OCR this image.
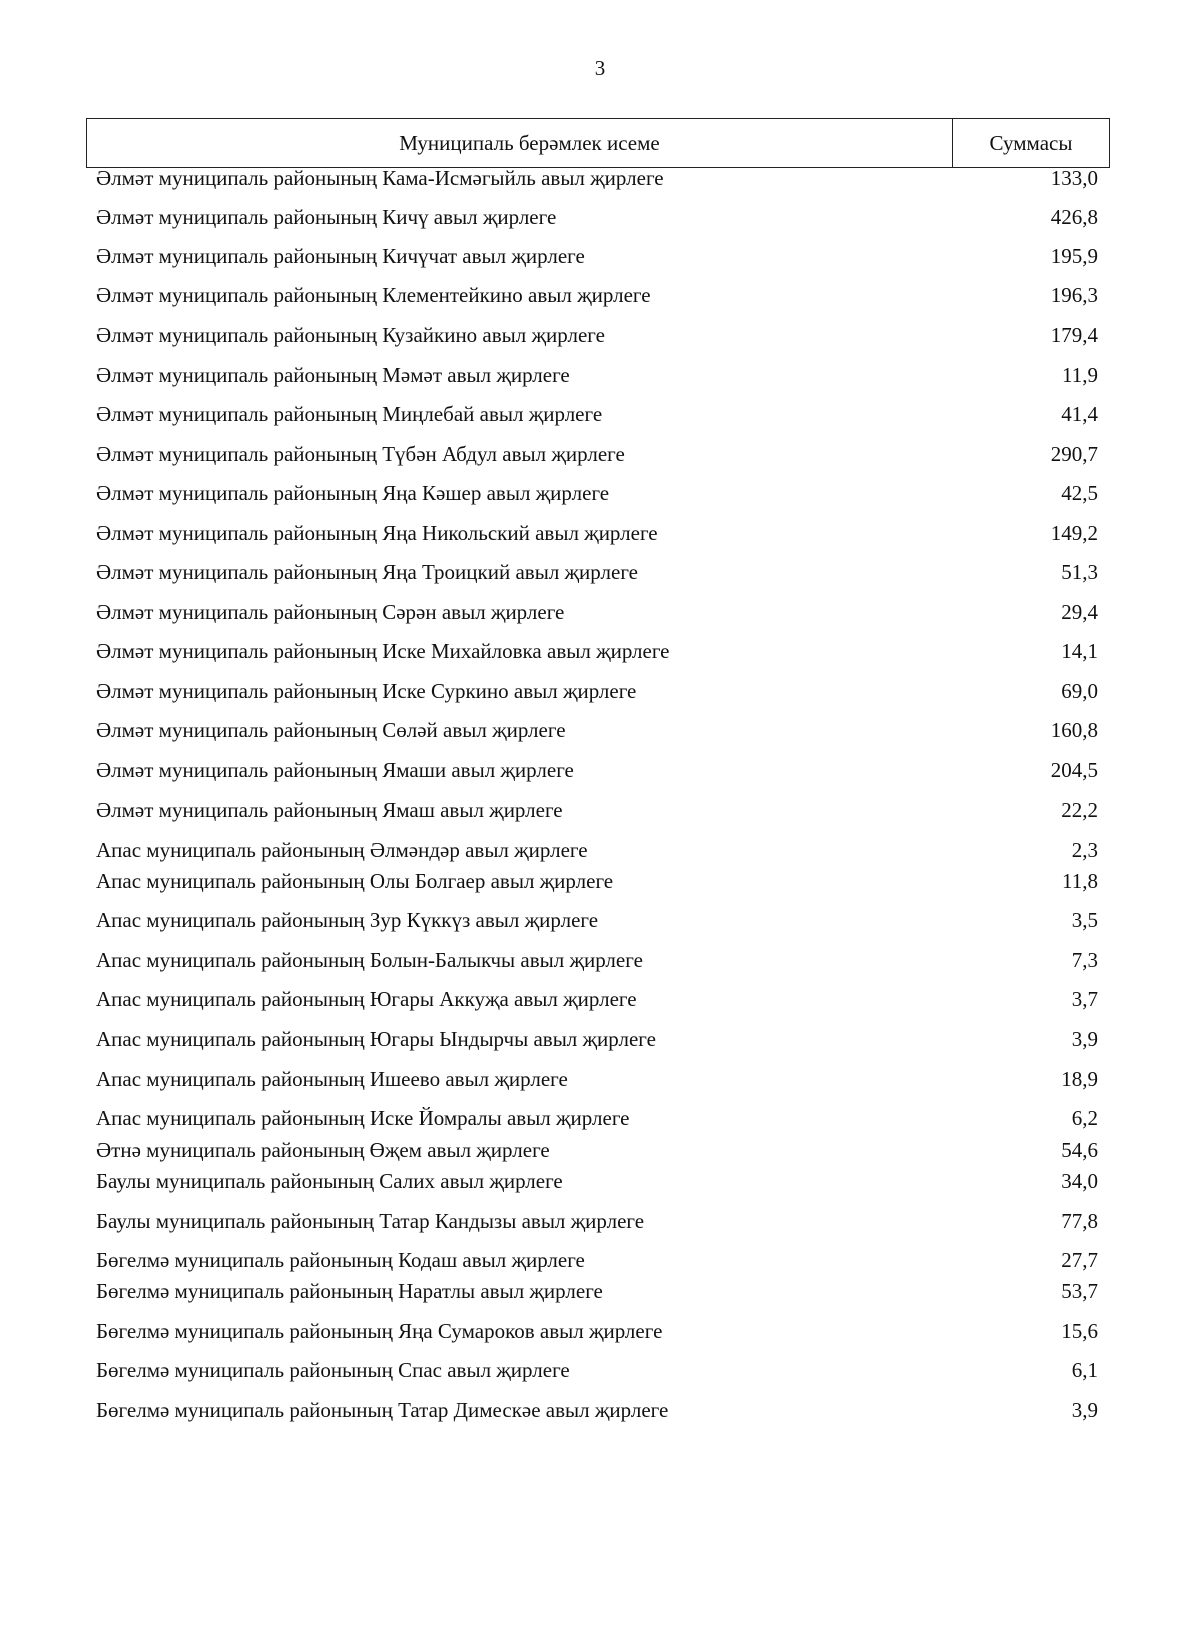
3
Муниципаль берәмлек исеме	Суммасы
Әлмәт муниципаль районының Кама-Исмәгыйль авыл җирлеге	133,0
Әлмәт муниципаль районының Кичү авыл җирлеге	426,8
Әлмәт муниципаль районының Кичүчат авыл җирлеге	195,9
Әлмәт муниципаль районының Клементейкино авыл җирлеге	196,3
Әлмәт муниципаль районының Кузайкино авыл җирлеге	179,4
Әлмәт муниципаль районының Мәмәт авыл җирлеге	11,9
Әлмәт муниципаль районының Миңлебай авыл җирлеге	41,4
Әлмәт муниципаль районының Түбән Абдул авыл җирлеге	290,7
Әлмәт муниципаль районының Яңа Кәшер авыл җирлеге	42,5
Әлмәт муниципаль районының Яңа Никольский авыл җирлеге	149,2
Әлмәт муниципаль районының Яңа Троицкий авыл җирлеге	51,3
Әлмәт муниципаль районының Сәрән авыл җирлеге	29,4
Әлмәт муниципаль районының Иске Михайловка авыл җирлеге	14,1
Әлмәт муниципаль районының Иске Суркино авыл җирлеге	69,0
Әлмәт муниципаль районының Сөләй авыл җирлеге	160,8
Әлмәт муниципаль районының Ямаши авыл җирлеге	204,5
Әлмәт муниципаль районының Ямаш авыл җирлеге	22,2
Апас муниципаль районының Әлмәндәр авыл җирлеге	2,3
Апас муниципаль районының Олы Болгаер авыл җирлеге	11,8
Апас муниципаль районының Зур Күккүз авыл җирлеге	3,5
Апас муниципаль районының Болын-Балыкчы авыл җирлеге	7,3
Апас муниципаль районының Югары Аккуҗа авыл җирлеге	3,7
Апас муниципаль районының Югары Ындырчы авыл җирлеге	3,9
Апас муниципаль районының Ишеево авыл җирлеге	18,9
Апас муниципаль районының Иске Йомралы авыл җирлеге	6,2
Әтнә муниципаль районының Өҗем авыл җирлеге	54,6
Баулы муниципаль районының Салих авыл җирлеге	34,0
Баулы муниципаль районының Татар Кандызы авыл җирлеге	77,8
Бөгелмә муниципаль районының Кодаш авыл җирлеге	27,7
Бөгелмә муниципаль районының Наратлы авыл җирлеге	53,7
Бөгелмә муниципаль районының Яңа Сумароков авыл җирлеге	15,6
Бөгелмә муниципаль районының Спас авыл җирлеге	6,1
Бөгелмә муниципаль районының Татар Димескәе авыл җирлеге	3,9
